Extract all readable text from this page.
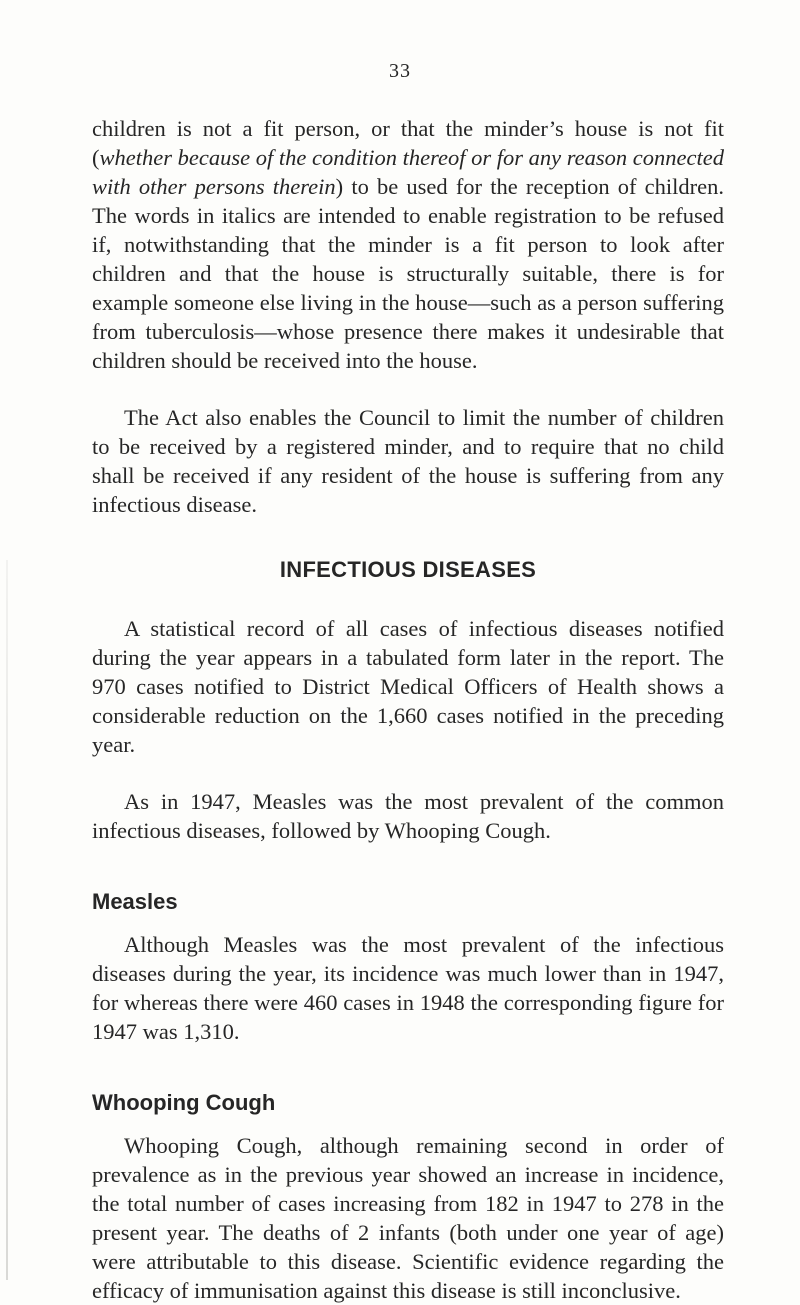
33

children is not a fit person, or that the minder’s house is not fit (whether because of the condition thereof or for any reason connected with other persons therein) to be used for the reception of children. The words in italics are intended to enable registration to be refused if, notwithstanding that the minder is a fit person to look after children and that the house is structurally suitable, there is for example someone else living in the house—such as a person suffering from tuberculosis—whose presence there makes it undesirable that children should be received into the house.

The Act also enables the Council to limit the number of children to be received by a registered minder, and to require that no child shall be received if any resident of the house is suffering from any infectious disease.

INFECTIOUS DISEASES

A statistical record of all cases of infectious diseases notified during the year appears in a tabulated form later in the report. The 970 cases notified to District Medical Officers of Health shows a considerable reduction on the 1,660 cases notified in the preceding year.

As in 1947, Measles was the most prevalent of the common infectious diseases, followed by Whooping Cough.

Measles

Although Measles was the most prevalent of the infectious diseases during the year, its incidence was much lower than in 1947, for whereas there were 460 cases in 1948 the corresponding figure for 1947 was 1,310.

Whooping Cough

Whooping Cough, although remaining second in order of prevalence as in the previous year showed an increase in incidence, the total number of cases increasing from 182 in 1947 to 278 in the present year. The deaths of 2 infants (both under one year of age) were attributable to this disease. Scientific evidence regarding the efficacy of immunisation against this disease is still inconclusive.
